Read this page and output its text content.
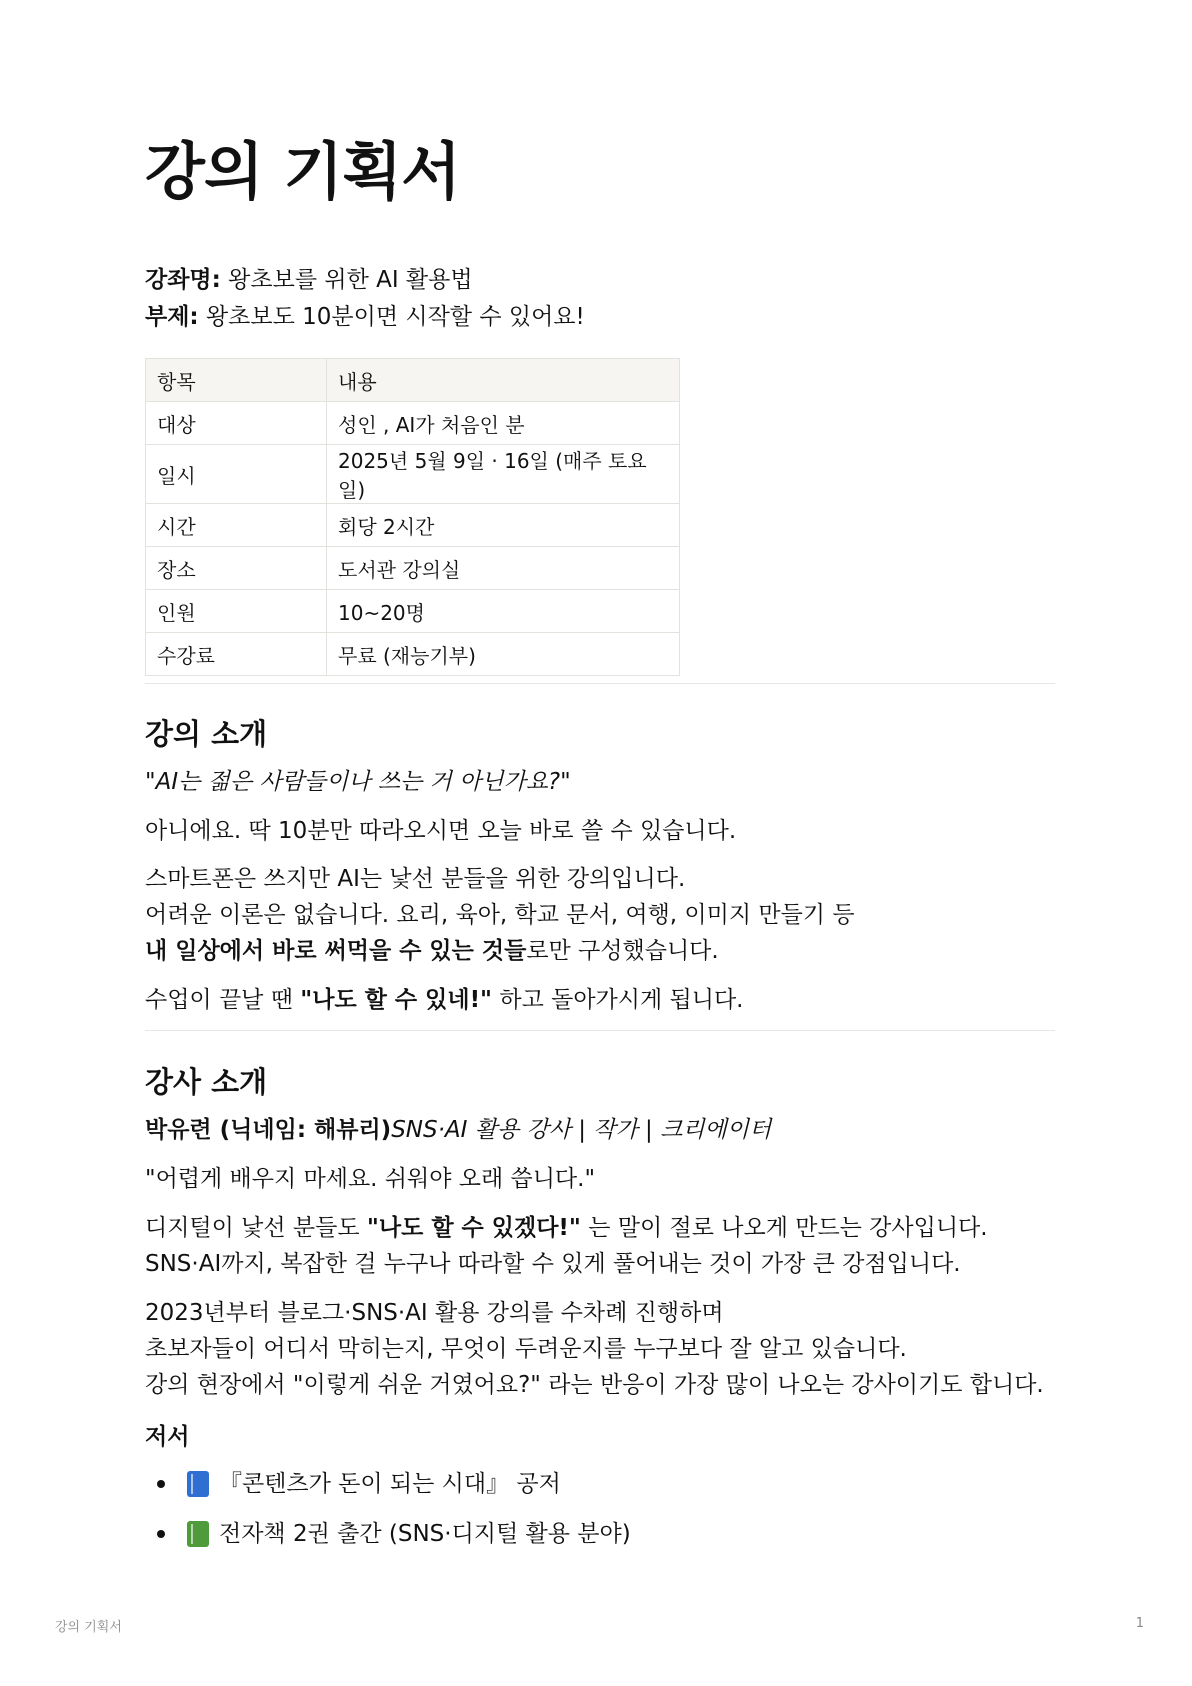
강의 기획서
강좌명: 왕초보를 위한 AI 활용법
부제: 왕초보도 10분이면 시작할 수 있어요!
항목	내용
대상	성인 , AI가 처음인 분
일시	2025년 5월 9일 · 16일 (매주 토요일)
시간	회당 2시간
장소	도서관 강의실
인원	10~20명
수강료	무료 (재능기부)
강의 소개

"AI는 젊은 사람들이나 쓰는 거 아닌가요?"

아니에요. 딱 10분만 따라오시면 오늘 바로 쓸 수 있습니다.

스마트폰은 쓰지만 AI는 낯선 분들을 위한 강의입니다.
어려운 이론은 없습니다. 요리, 육아, 학교 문서, 여행, 이미지 만들기 등
내 일상에서 바로 써먹을 수 있는 것들로만 구성했습니다.

수업이 끝날 땐 "나도 할 수 있네!" 하고 돌아가시게 됩니다.

강사 소개

박유련 (닉네임: 해뷰리)SNS·AI 활용 강사 | 작가 | 크리에이터

"어렵게 배우지 마세요. 쉬워야 오래 씁니다."

디지털이 낯선 분들도 "나도 할 수 있겠다!" 는 말이 절로 나오게 만드는 강사입니다.
SNS·AI까지, 복잡한 걸 누구나 따라할 수 있게 풀어내는 것이 가장 큰 강점입니다.

2023년부터 블로그·SNS·AI 활용 강의를 수차례 진행하며
초보자들이 어디서 막히는지, 무엇이 두려운지를 누구보다 잘 알고 있습니다.
강의 현장에서 "이렇게 쉬운 거였어요?" 라는 반응이 가장 많이 나오는 강사이기도 합니다.

저서
『콘텐츠가 돈이 되는 시대』 공저
전자책 2권 출간 (SNS·디지털 활용 분야)
강의 기획서	1
